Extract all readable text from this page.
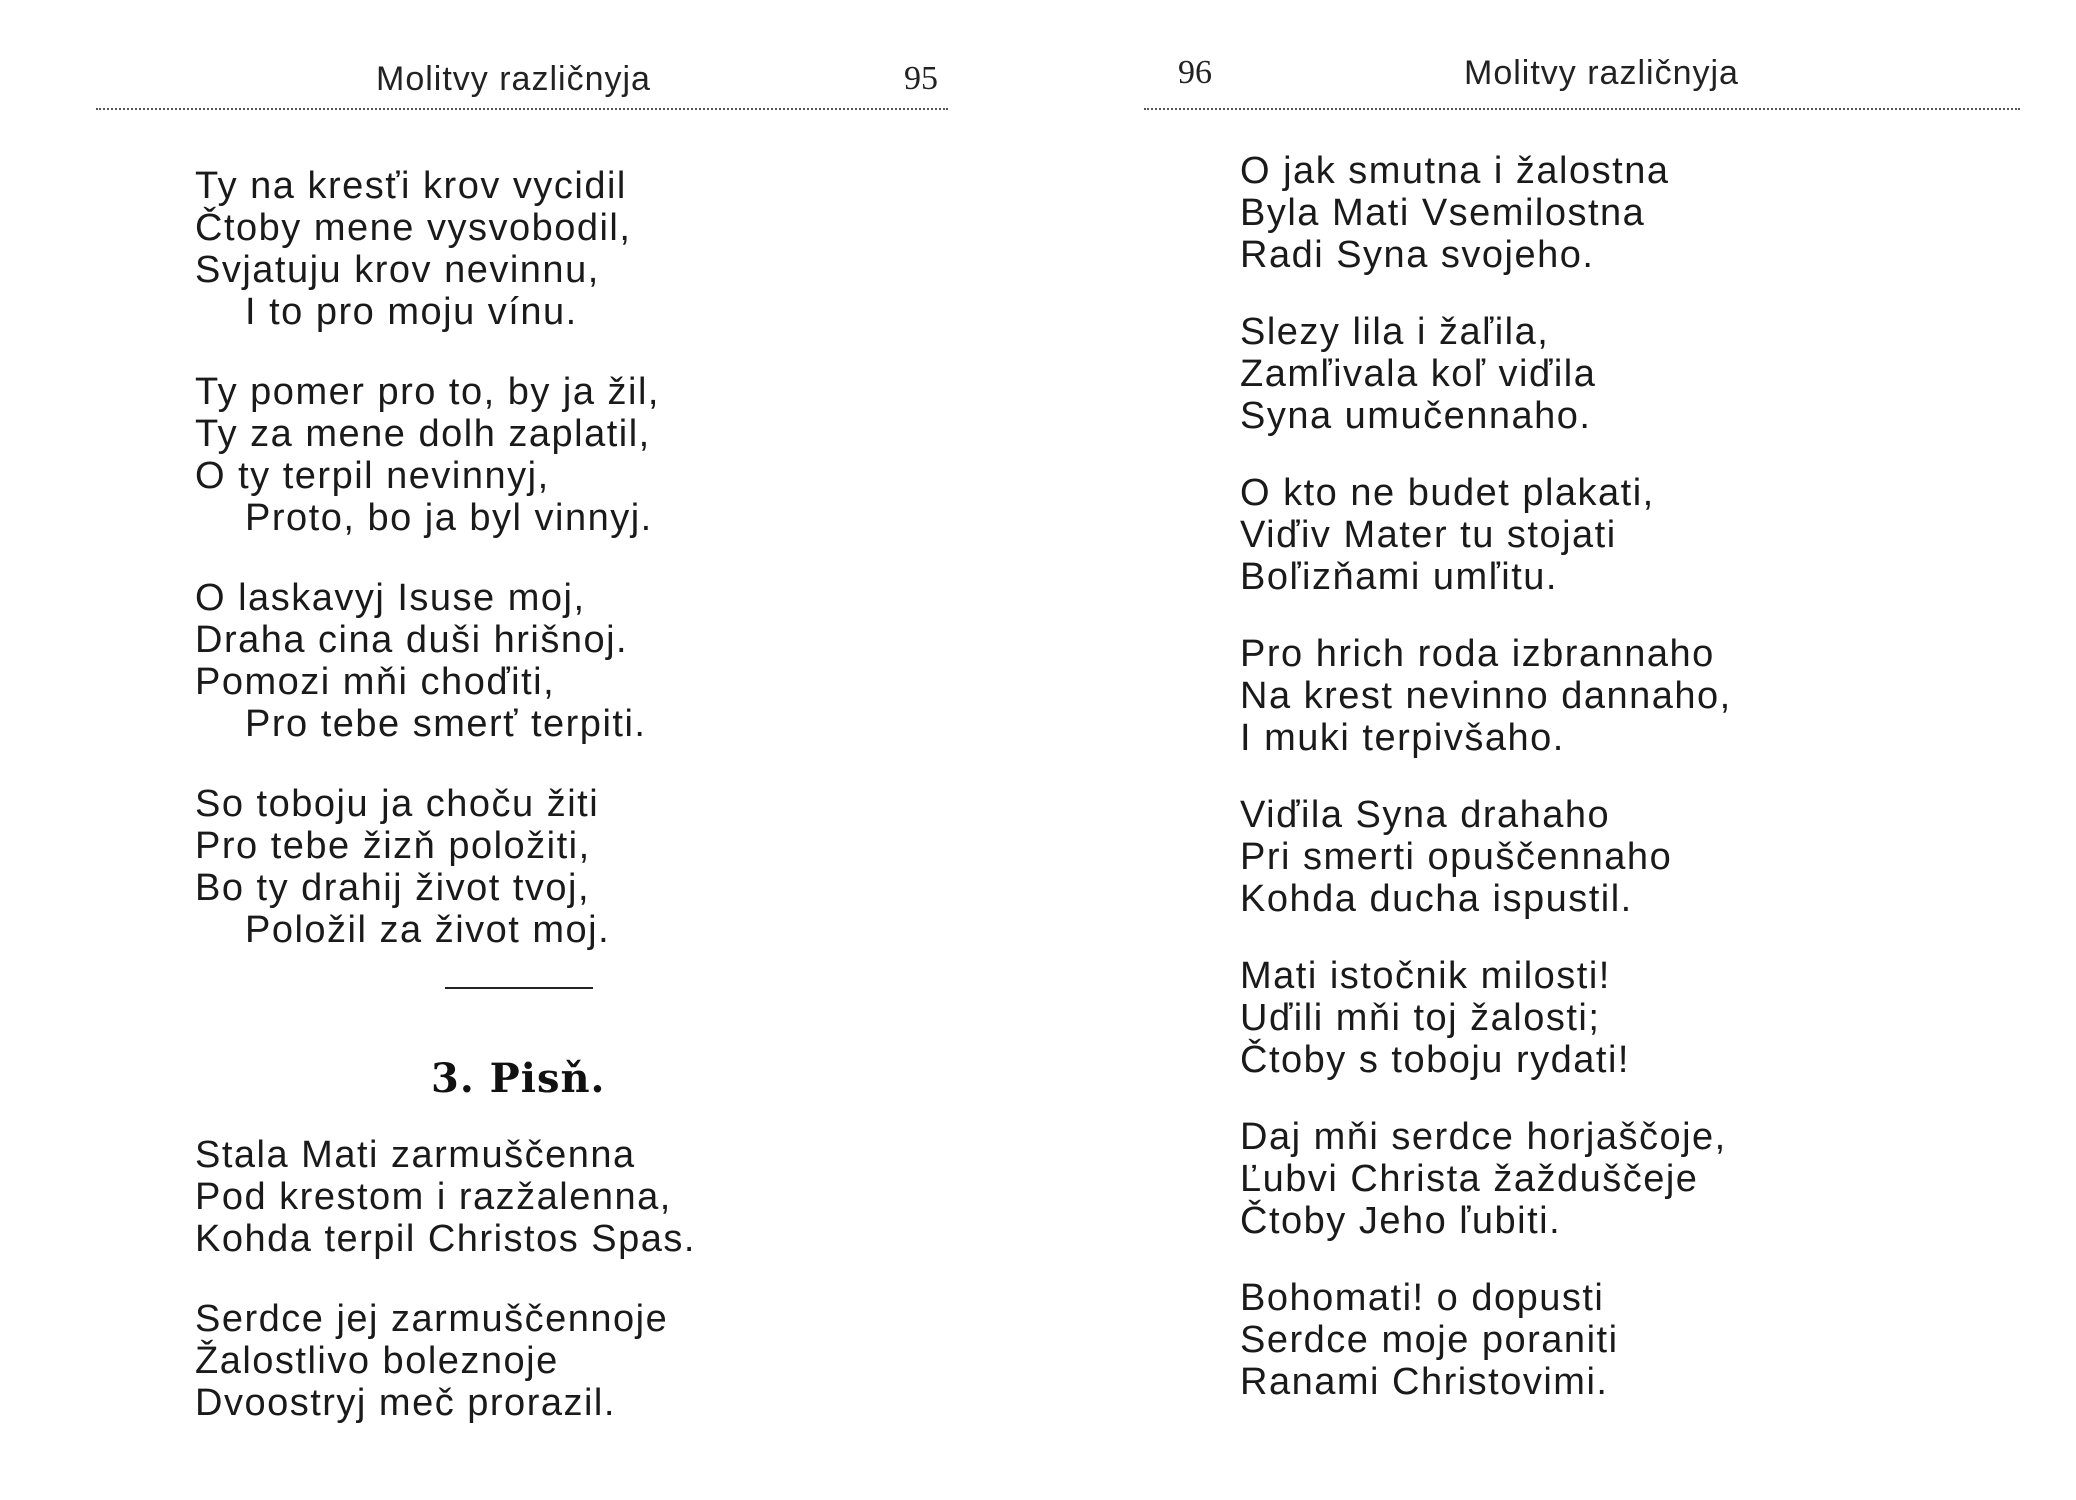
Molitvy različnyja	95
Ty na kresťi krov vycidil
Čtoby mene vysvobodil,
Svjatuju krov nevinnu,
I to pro moju vínu.
Ty pomer pro to, by ja žil,
Ty za mene dolh zaplatil,
O ty terpil nevinnyj,
Proto, bo ja byl vinnyj.
O laskavyj Isuse moj,
Draha cina duši hrišnoj.
Pomozi mňi choďiti,
Pro tebe smerť terpiti.
So toboju ja choču žiti
Pro tebe žizň položiti,
Bo ty drahij život tvoj,
Položil za život moj.
3. Pisň.
Stala Mati zarmuščenna
Pod krestom i razžalenna,
Kohda terpil Christos Spas.
Serdce jej zarmuščennoje
Žalostlivo boleznoje
Dvoostryj meč prorazil.
96	Molitvy različnyja
O jak smutna i žalostna
Byla Mati Vsemilostna
Radi Syna svojeho.
Slezy lila i žaľila,
Zamľivala koľ viďila
Syna umučennaho.
O kto ne budet plakati,
Viďiv Mater tu stojati
Boľizňami umľitu.
Pro hrich roda izbrannaho
Na krest nevinno dannaho,
I muki terpivšaho.
Viďila Syna drahaho
Pri smerti opuščennaho
Kohda ducha ispustil.
Mati istočnik milosti!
Uďili mňi toj žalosti;
Čtoby s toboju rydati!
Daj mňi serdce horjaščoje,
Ľubvi Christa žažduščeje
Čtoby Jeho ľubiti.
Bohomati! o dopusti
Serdce moje poraniti
Ranami Christovimi.
